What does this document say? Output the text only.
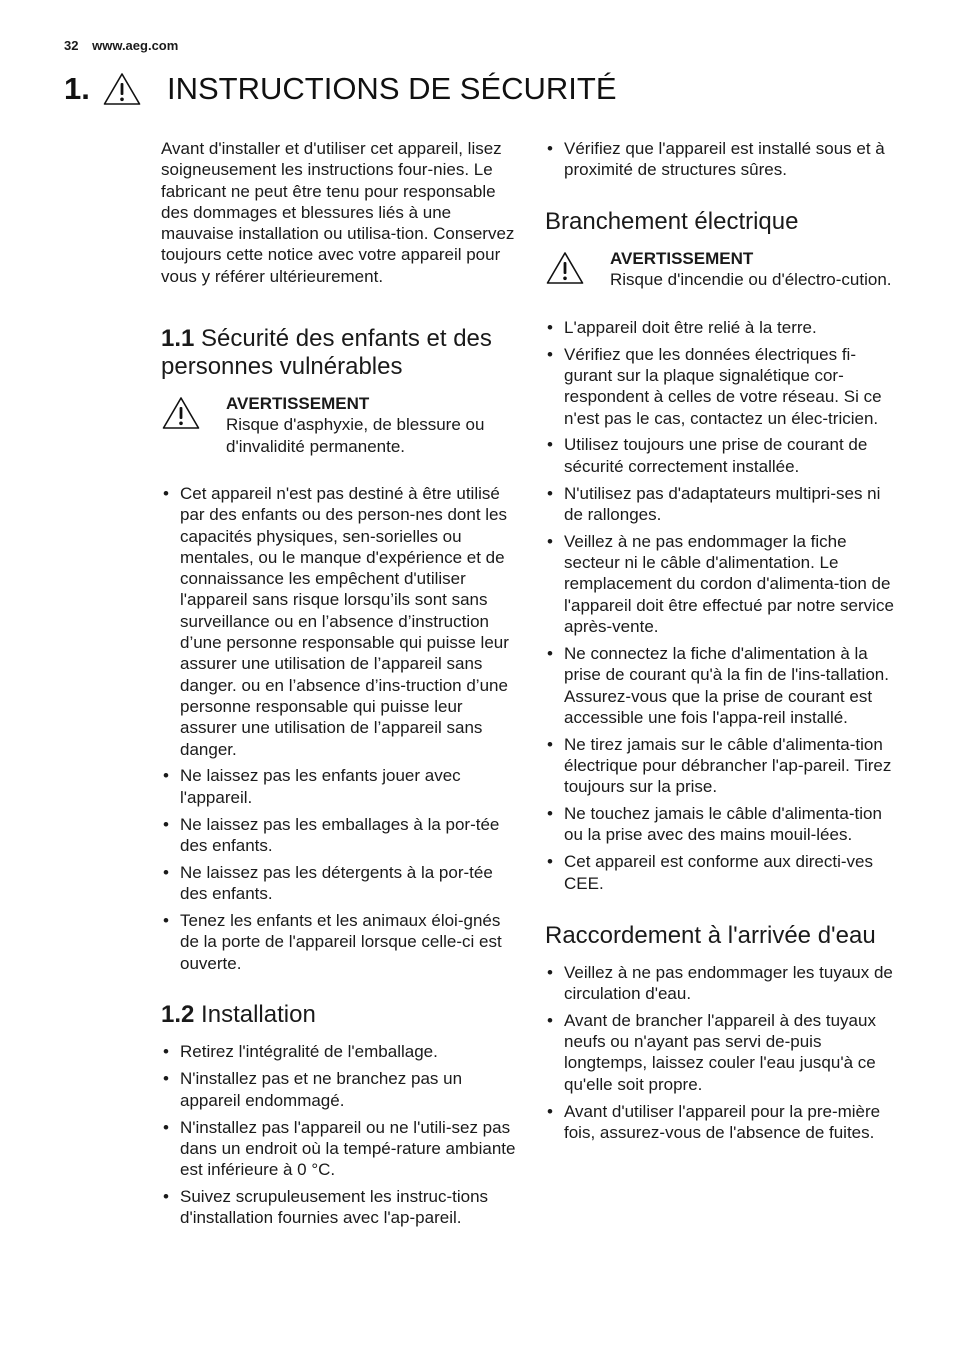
32 www.aeg.com
1.	INSTRUCTIONS DE SÉCURITÉ

Avant d'installer et d'utiliser cet appareil, lisez soigneusement les instructions four-nies. Le fabricant ne peut être tenu pour responsable des dommages et blessures liés à une mauvaise installation ou utilisa-tion. Conservez toujours cette notice avec votre appareil pour vous y référer ultérieurement.

1.1 Sécurité des enfants et des personnes vulnérables
AVERTISSEMENT
Risque d'asphyxie, de blessure ou d'invalidité permanente.
• Cet appareil n'est pas destiné à être utilisé par des enfants ou des person-nes dont les capacités physiques, sen-sorielles ou mentales, ou le manque d'expérience et de connaissance les empêchent d'utiliser l'appareil sans risque lorsqu’ils sont sans surveillance ou en l’absence d’instruction d’une personne responsable qui puisse leur assurer une utilisation de l’appareil sans danger. ou en l’absence d’ins-truction d’une personne responsable qui puisse leur assurer une utilisation de l’appareil sans danger.
• Ne laissez pas les enfants jouer avec l'appareil.
• Ne laissez pas les emballages à la por-tée des enfants.
• Ne laissez pas les détergents à la por-tée des enfants.
• Tenez les enfants et les animaux éloi-gnés de la porte de l'appareil lorsque celle-ci est ouverte.
1.2 Installation
• Retirez l'intégralité de l'emballage.
• N'installez pas et ne branchez pas un appareil endommagé.
• N'installez pas l'appareil ou ne l'utili-sez pas dans un endroit où la tempé-rature ambiante est inférieure à 0 °C.
• Suivez scrupuleusement les instruc-tions d'installation fournies avec l'ap-pareil.
• Vérifiez que l'appareil est installé sous et à proximité de structures sûres.
Branchement électrique
AVERTISSEMENT
Risque d'incendie ou d'électro-cution.
• L'appareil doit être relié à la terre.
• Vérifiez que les données électriques fi-gurant sur la plaque signalétique cor-respondent à celles de votre réseau. Si ce n'est pas le cas, contactez un élec-tricien.
• Utilisez toujours une prise de courant de sécurité correctement installée.
• N'utilisez pas d'adaptateurs multipri-ses ni de rallonges.
• Veillez à ne pas endommager la fiche secteur ni le câble d'alimentation. Le remplacement du cordon d'alimenta-tion de l'appareil doit être effectué par notre service après-vente.
• Ne connectez la fiche d'alimentation à la prise de courant qu'à la fin de l'ins-tallation. Assurez-vous que la prise de courant est accessible une fois l'appa-reil installé.
• Ne tirez jamais sur le câble d'alimenta-tion électrique pour débrancher l'ap-pareil. Tirez toujours sur la prise.
• Ne touchez jamais le câble d'alimenta-tion ou la prise avec des mains mouil-lées.
• Cet appareil est conforme aux directi-ves CEE.
Raccordement à l'arrivée d'eau
• Veillez à ne pas endommager les tuyaux de circulation d'eau.
• Avant de brancher l'appareil à des tuyaux neufs ou n'ayant pas servi de-puis longtemps, laissez couler l'eau jusqu'à ce qu'elle soit propre.
• Avant d'utiliser l'appareil pour la pre-mière fois, assurez-vous de l'absence de fuites.
